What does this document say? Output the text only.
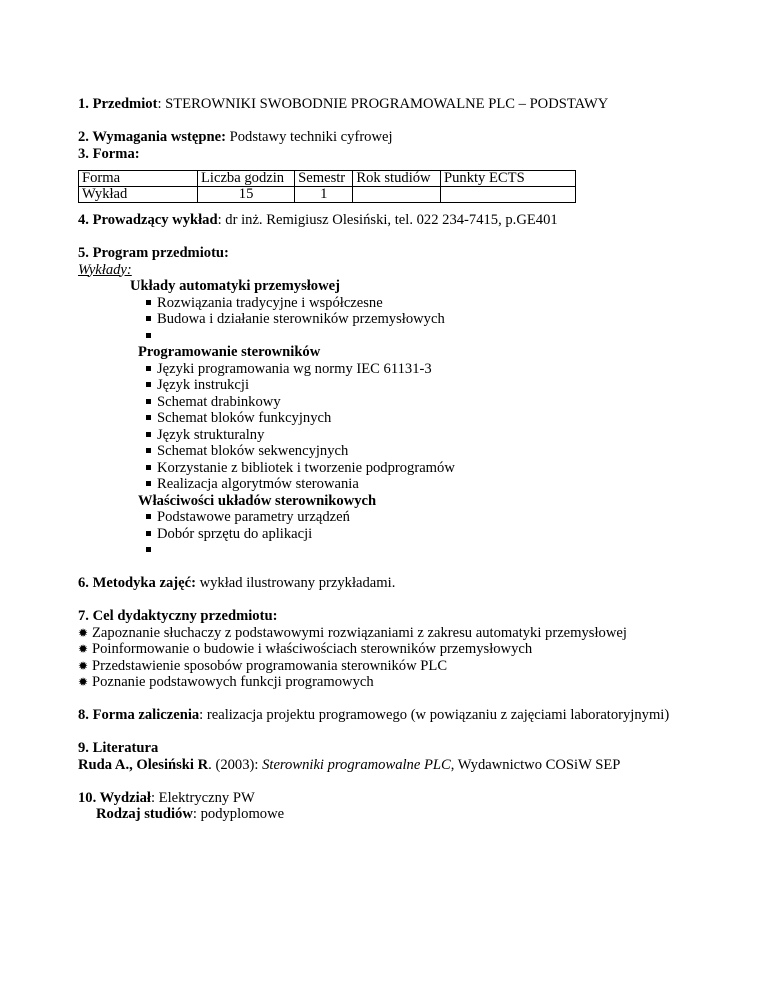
1. Przedmiot: STEROWNIKI SWOBODNIE PROGRAMOWALNE PLC – PODSTAWY

2. Wymagania wstępne: Podstawy techniki cyfrowej

3. Forma:

Forma	Liczba godzin	Semestr	Rok studiów	Punkty ECTS
Wykład	15	1		

4. Prowadzący wykład: dr inż. Remigiusz Olesiński, tel. 022 234-7415, p.GE401

5. Program przedmiotu:

Wykłady:

Układy automatyki przemysłowej

Rozwiązania tradycyjne i współczesne
Budowa i działanie sterowników przemysłowych

Programowanie sterowników

Języki programowania wg normy IEC 61131-3
Język instrukcji
Schemat drabinkowy
Schemat bloków funkcyjnych
Język strukturalny
Schemat bloków sekwencyjnych
Korzystanie z bibliotek i tworzenie podprogramów
Realizacja algorytmów sterowania

Właściwości układów sterownikowych

Podstawowe parametry urządzeń
Dobór sprzętu do aplikacji

6. Metodyka zajęć: wykład ilustrowany przykładami.

7. Cel dydaktyczny przedmiotu:

✹ Zapoznanie słuchaczy z podstawowymi rozwiązaniami z zakresu automatyki przemysłowej
✹ Poinformowanie o budowie i właściwościach sterowników przemysłowych
✹ Przedstawienie sposobów programowania sterowników PLC
✹ Poznanie podstawowych funkcji programowych

8. Forma zaliczenia: realizacja projektu programowego (w powiązaniu z zajęciami laboratoryjnymi)

9. Literatura

Ruda A., Olesiński R. (2003): Sterowniki programowalne PLC, Wydawnictwo COSiW SEP

10. Wydział: Elektryczny PW

Rodzaj studiów: podyplomowe
